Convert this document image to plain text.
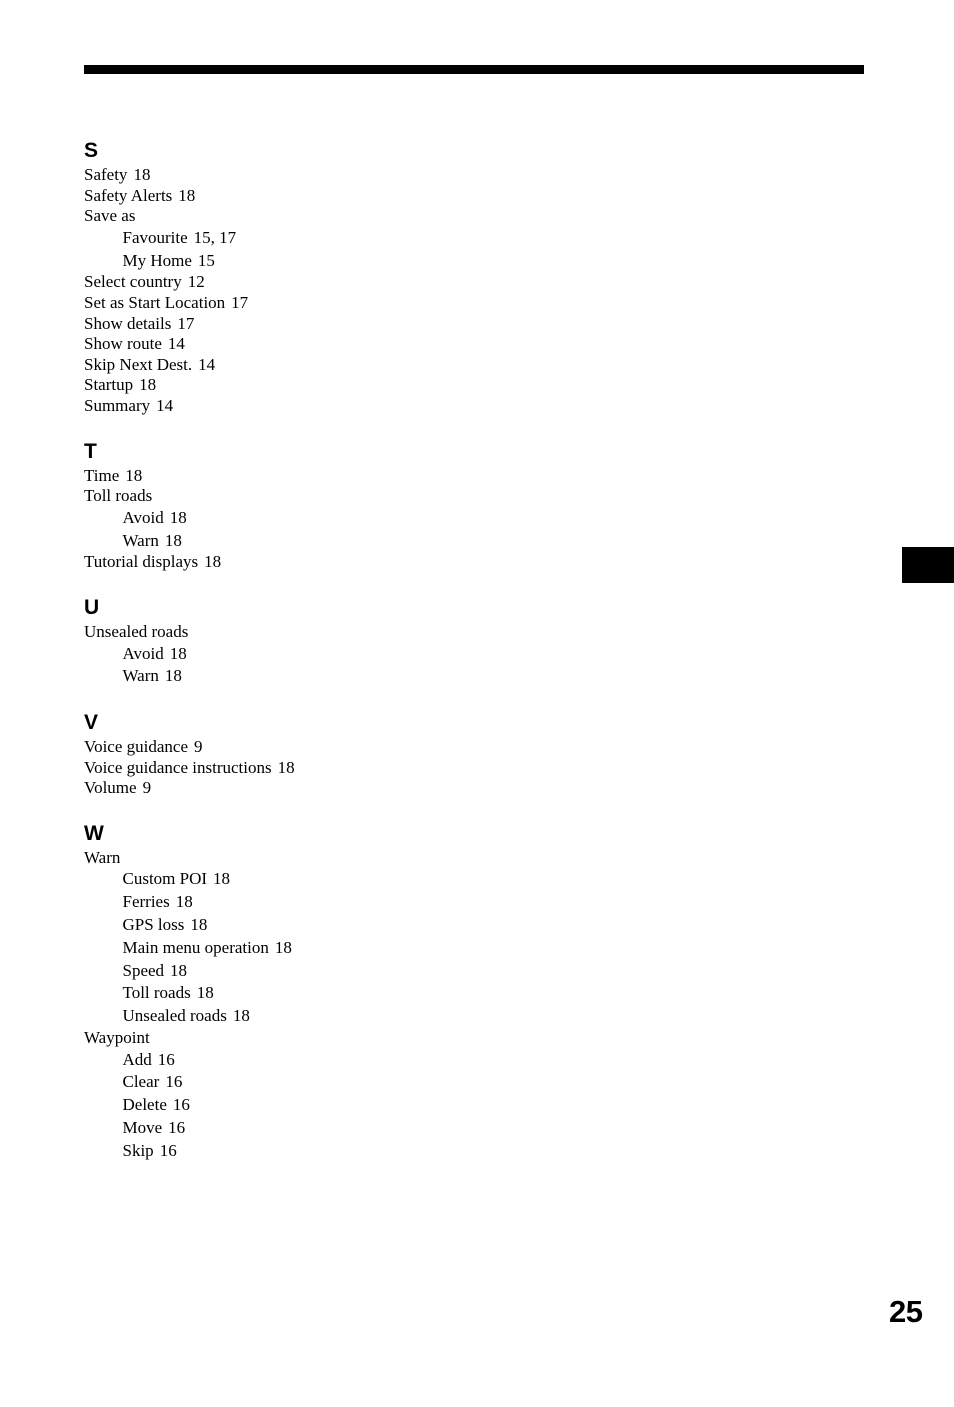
S
Safety 18
Safety Alerts 18
Save as
Favourite 15, 17
My Home 15
Select country 12
Set as Start Location 17
Show details 17
Show route 14
Skip Next Dest. 14
Startup 18
Summary 14
T
Time 18
Toll roads
Avoid 18
Warn 18
Tutorial displays 18
U
Unsealed roads
Avoid 18
Warn 18
V
Voice guidance 9
Voice guidance instructions 18
Volume 9
W
Warn
Custom POI 18
Ferries 18
GPS loss 18
Main menu operation 18
Speed 18
Toll roads 18
Unsealed roads 18
Waypoint
Add 16
Clear 16
Delete 16
Move 16
Skip 16
25
